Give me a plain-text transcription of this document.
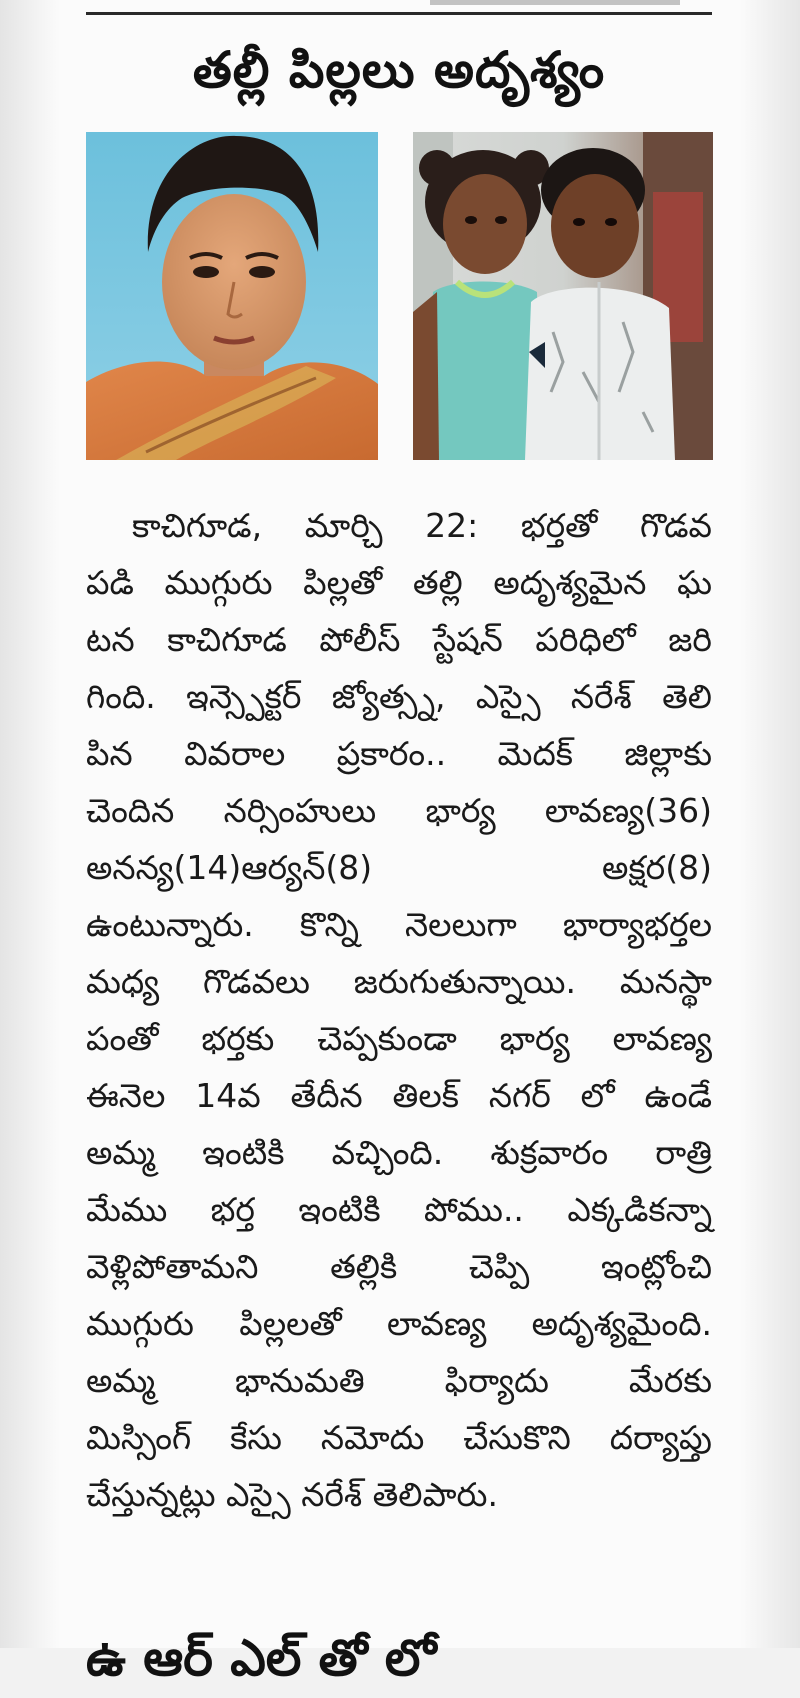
తల్లీ పిల్లలు అదృశ్యం
కాచిగూడ, మార్చి 22: భర్తతో గొడవ
పడి ముగ్గురు పిల్లతో తల్లి అదృశ్యమైన ఘ
టన కాచిగూడ పోలీస్ స్టేషన్ పరిధిలో జరి
గింది. ఇన్స్పెక్టర్ జ్యోత్స్న, ఎస్సై నరేశ్ తెలి
పిన వివరాల ప్రకారం.. మెదక్ జిల్లాకు
చెందిన నర్సింహులు భార్య లావణ్య(36)
అనన్య(14)ఆర్యన్(8) అక్షర(8)
ఉంటున్నారు. కొన్ని నెలలుగా భార్యాభర్తల
మధ్య గొడవలు జరుగుతున్నాయి. మనస్థా
పంతో భర్తకు చెప్పకుండా భార్య లావణ్య
ఈనెల 14వ తేదీన తిలక్ నగర్ లో ఉండే
అమ్మ ఇంటికి వచ్చింది. శుక్రవారం రాత్రి
మేము భర్త ఇంటికి పోము.. ఎక్కడికన్నా
వెళ్లిపోతామని తల్లికి చెప్పి ఇంట్లోంచి
ముగ్గురు పిల్లలతో లావణ్య అదృశ్యమైంది.
అమ్మ భానుమతి ఫిర్యాదు మేరకు
మిస్సింగ్ కేసు నమోదు చేసుకొని దర్యాప్తు
చేస్తున్నట్లు ఎస్సై నరేశ్ తెలిపారు.
ఉ ఆర్ ఎల్ తో లో
